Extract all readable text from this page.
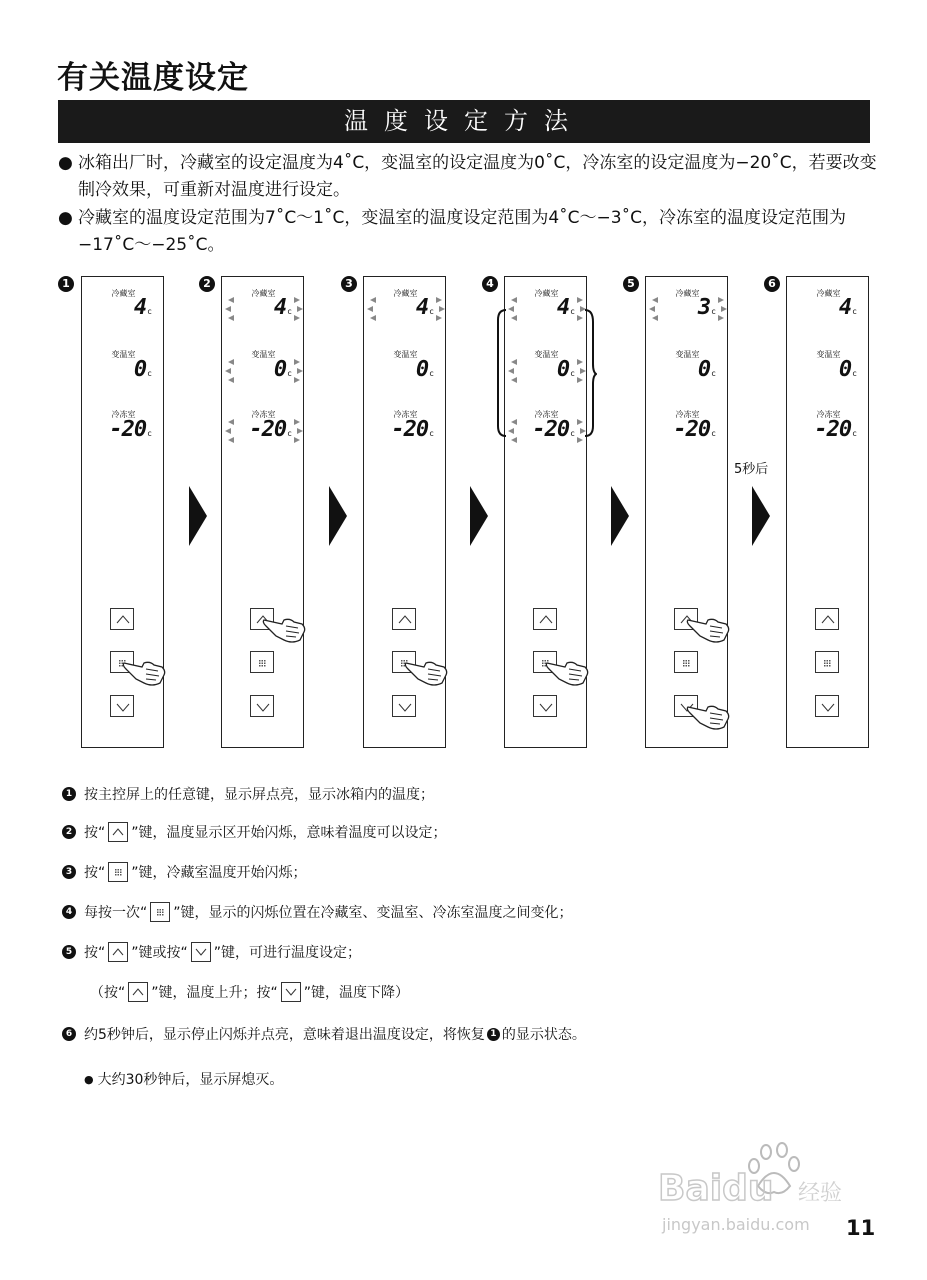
有关温度设定
温度设定方法

● 冰箱出厂时，冷藏室的设定温度为4˚C，变温室的设定温度为0˚C，冷冻室的设定温度为−20˚C，若要改变制冷效果，可重新对温度进行设定。

● 冷藏室的温度设定范围为7˚C～1˚C，变温室的温度设定范围为4˚C～−3˚C，冷冻室的温度设定范围为−17˚C～−25˚C。

1
冷藏室
4c
变温室
0c
冷冻室
-20c
2
冷藏室
4c
变温室
0c
冷冻室
-20c
3
冷藏室
4c
变温室
0c
冷冻室
-20c
4
冷藏室
4c
变温室
0c
冷冻室
-20c
5
冷藏室
3c
变温室
0c
冷冻室
-20c
6
冷藏室
4c
变温室
0c
冷冻室
-20c
5秒后
1 按主控屏上的任意键，显示屏点亮，显示冰箱内的温度；
2 按“ ”键，温度显示区开始闪烁，意味着温度可以设定；
3 按“ ”键，冷藏室温度开始闪烁；
4 每按一次“ ”键，显示的闪烁位置在冷藏室、变温室、冷冻室温度之间变化；
5 按“ ”键或按“ ”键，可进行温度设定；
（按“ ”键，温度上升；按“ ”键，温度下降）
6 约5秒钟后，显示停止闪烁并点亮，意味着退出温度设定，将恢复 1 的显示状态。
● 大约30秒钟后，显示屏熄灭。
Baidu 经验
jingyan.baidu.com 11
